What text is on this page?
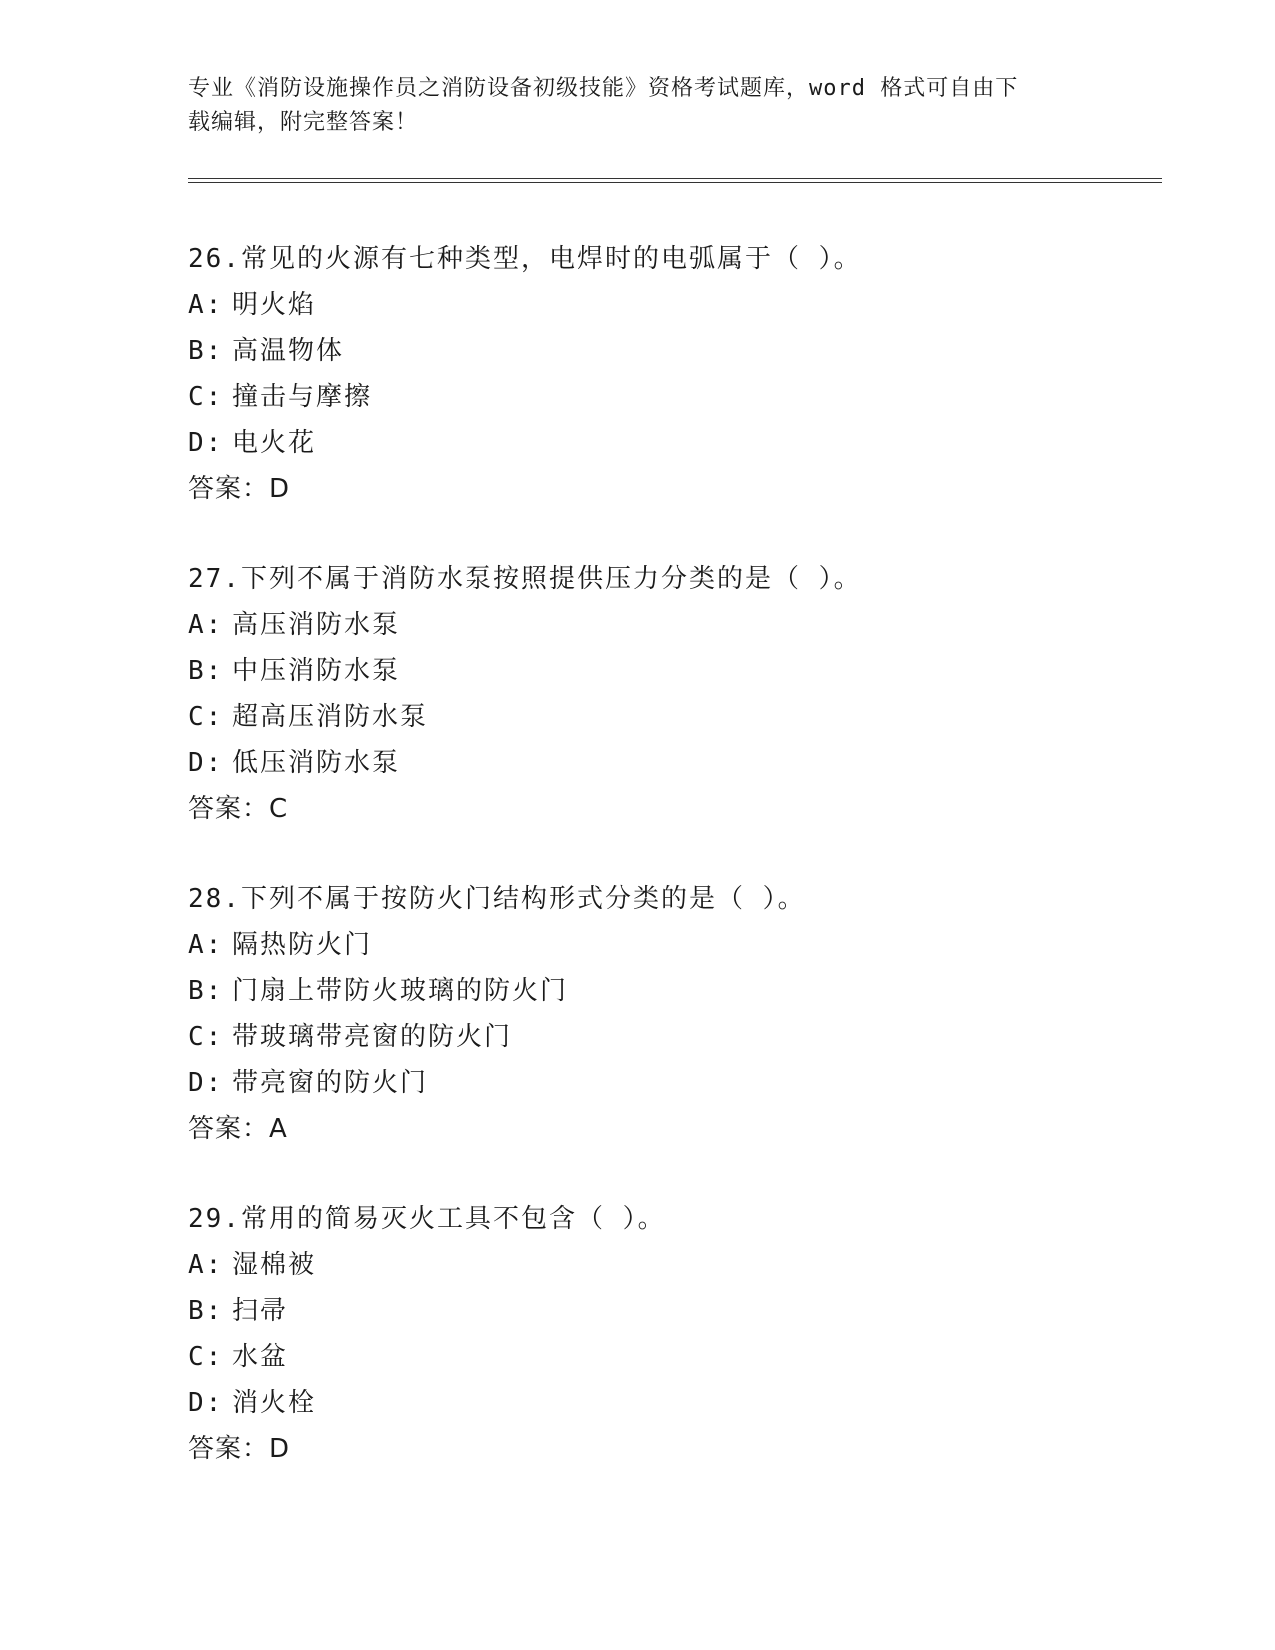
专业《消防设施操作员之消防设备初级技能》资格考试题库，word 格式可自由下
载编辑，附完整答案！
26.常见的火源有七种类型，电焊时的电弧属于（ ）。
A: 明火焰
B: 高温物体
C: 撞击与摩擦
D: 电火花
答案：D
27.下列不属于消防水泵按照提供压力分类的是（ ）。
A: 高压消防水泵
B: 中压消防水泵
C: 超高压消防水泵
D: 低压消防水泵
答案：C
28.下列不属于按防火门结构形式分类的是（ ）。
A: 隔热防火门
B: 门扇上带防火玻璃的防火门
C: 带玻璃带亮窗的防火门
D: 带亮窗的防火门
答案：A
29.常用的简易灭火工具不包含（ ）。
A: 湿棉被
B: 扫帚
C: 水盆
D: 消火栓
答案：D
